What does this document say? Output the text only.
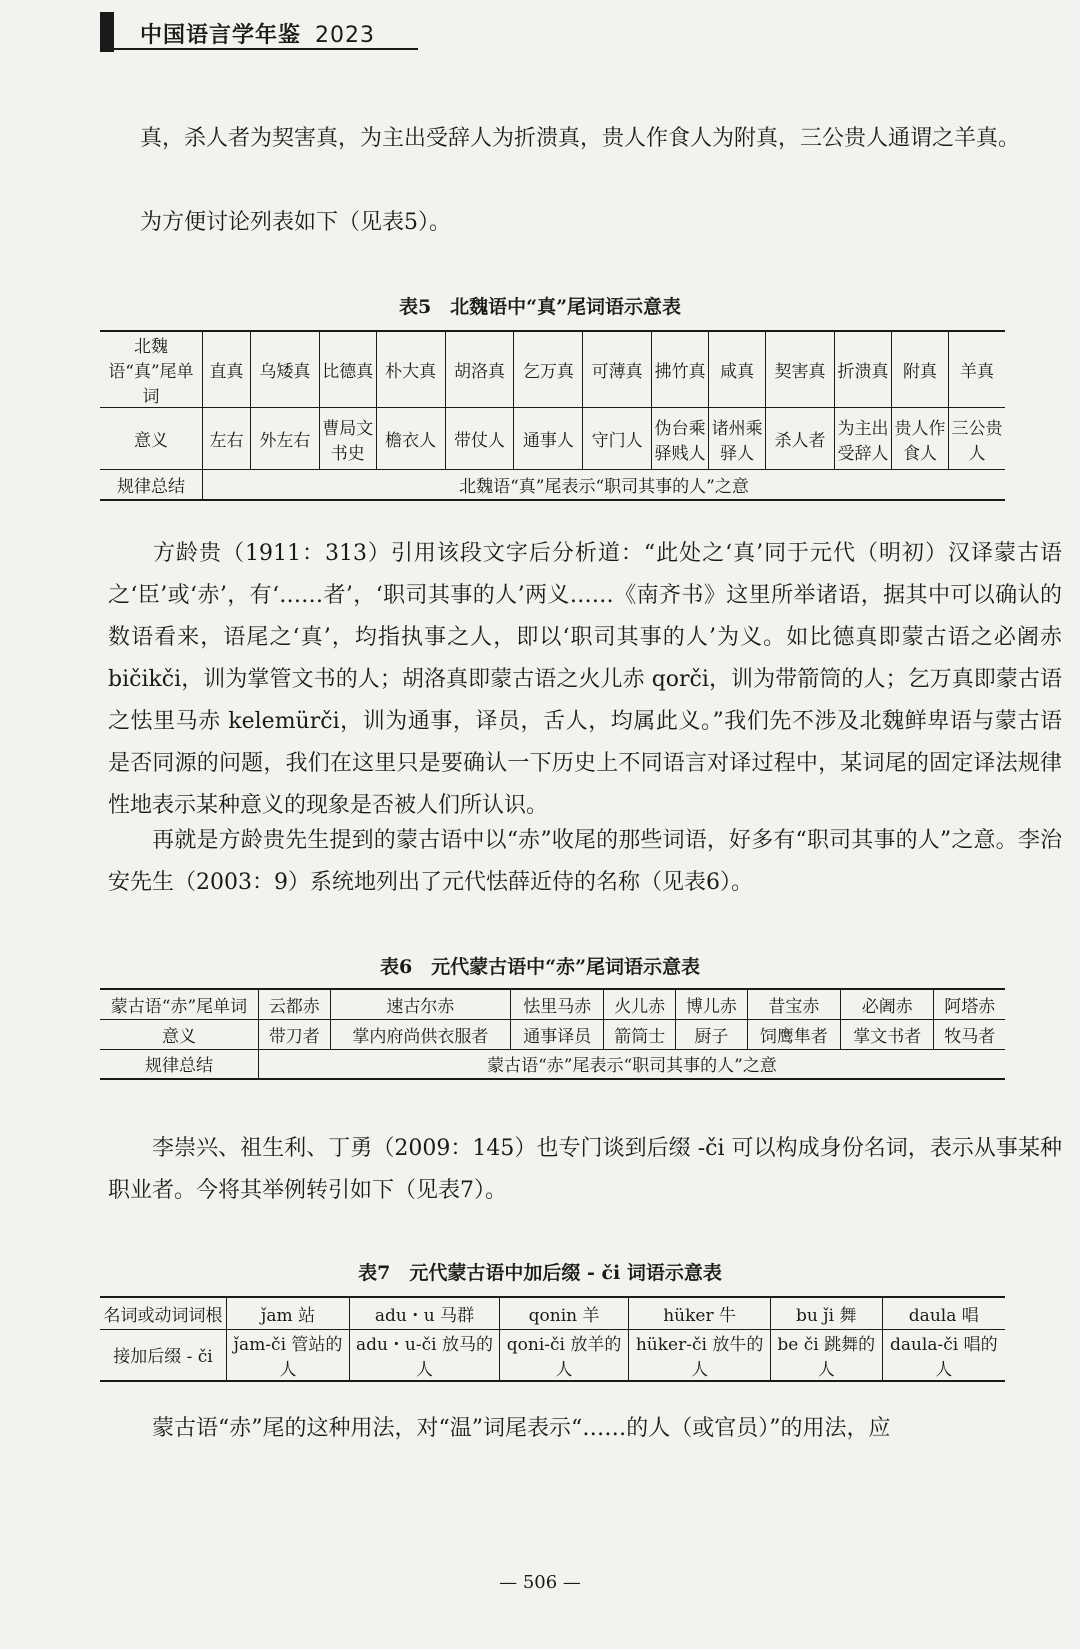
中国语言学年鉴 2023
真，杀人者为契害真，为主出受辞人为折溃真，贵人作食人为附真，三公贵人通谓之羊真。
为方便讨论列表如下（见表5）。
表5　北魏语中“真”尾词语示意表
北魏语“真”尾单词	直真	乌矮真	比德真	朴大真	胡洛真	乞万真	可薄真	拂竹真	咸真	契害真	折溃真	附真	羊真
意义	左右	外左右	曹局文书史	檐衣人	带仗人	通事人	守门人	伪台乘驿贱人	诸州乘驿人	杀人者	为主出受辞人	贵人作食人	三公贵人
规律总结	北魏语“真”尾表示“职司其事的人”之意												
方龄贵（1911：313）引用该段文字后分析道：“此处之‘真’同于元代（明初）汉译蒙古语之‘臣’或‘赤’，有‘……者’，‘职司其事的人’两义……《南齐书》这里所举诸语，据其中可以确认的数语看来，语尾之‘真’，均指执事之人，即以‘职司其事的人’为义。如比德真即蒙古语之必阇赤 bičikči，训为掌管文书的人；胡洛真即蒙古语之火儿赤 qorči，训为带箭筒的人；乞万真即蒙古语之怯里马赤 kelemürči，训为通事，译员，舌人，均属此义。”我们先不涉及北魏鲜卑语与蒙古语是否同源的问题，我们在这里只是要确认一下历史上不同语言对译过程中，某词尾的固定译法规律性地表示某种意义的现象是否被人们所认识。
再就是方龄贵先生提到的蒙古语中以“赤”收尾的那些词语，好多有“职司其事的人”之意。李治安先生（2003：9）系统地列出了元代怯薛近侍的名称（见表6）。
表6　元代蒙古语中“赤”尾词语示意表
蒙古语“赤”尾单词	云都赤	速古尔赤	怯里马赤	火儿赤	博儿赤	昔宝赤	必阇赤	阿塔赤
意义	带刀者	掌内府尚供衣服者	通事译员	箭筒士	厨子	饲鹰隼者	掌文书者	牧马者
规律总结	蒙古语“赤”尾表示“职司其事的人”之意							
李崇兴、祖生利、丁勇（2009：145）也专门谈到后缀 -či 可以构成身份名词，表示从事某种职业者。今将其举例转引如下（见表7）。
表7　元代蒙古语中加后缀 - či 词语示意表
名词或动词词根	ǰam 站	adu・u 马群	qonin 羊	hüker 牛	bu ǰi 舞	daula 唱
接加后缀 - či	ǰam-či 管站的人	adu・u-či 放马的人	qoni-či 放羊的人	hüker-či 放牛的人	be či 跳舞的人	daula-či 唱的人
蒙古语“赤”尾的这种用法，对“温”词尾表示“……的人（或官员）”的用法，应
— 506 —
